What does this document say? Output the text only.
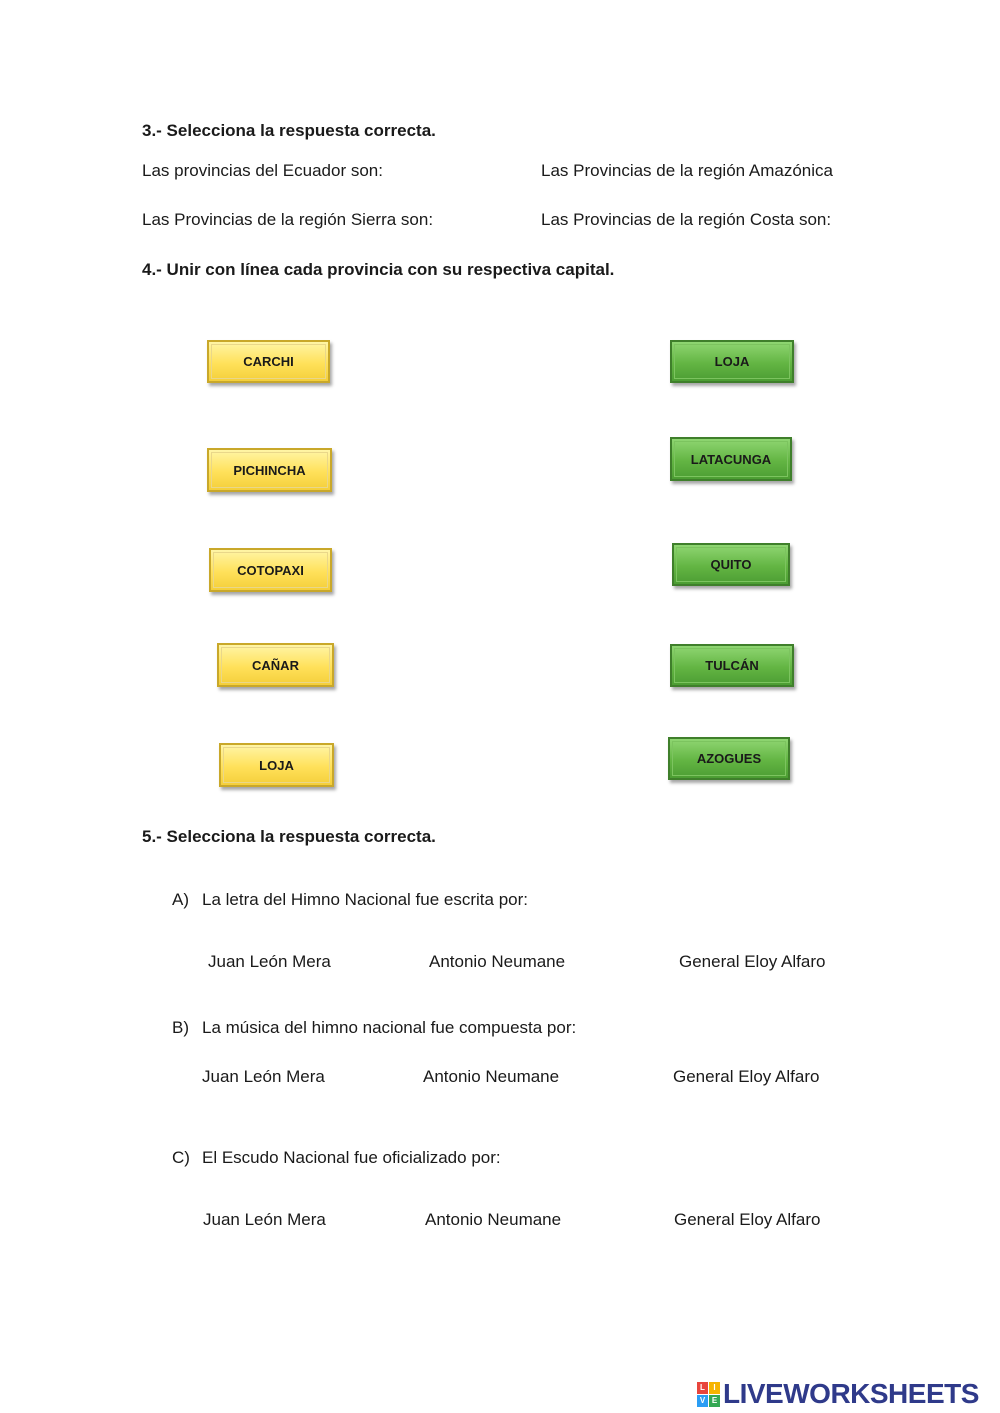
3.- Selecciona la respuesta correcta.
Las provincias del Ecuador son:	Las Provincias de la región Amazónica
Las Provincias de la región Sierra son:	Las Provincias de la región Costa son:
4.- Unir con línea cada provincia con su respectiva capital.
CARCHI
PICHINCHA
COTOPAXI
CAÑAR
LOJA
LOJA
LATACUNGA
QUITO
TULCÁN
AZOGUES
5.- Selecciona la respuesta correcta.
A) La letra del Himno Nacional fue escrita por:
Juan León Mera	Antonio Neumane	General Eloy Alfaro
B) La música del himno nacional fue compuesta por:
Juan León Mera	Antonio Neumane	General Eloy Alfaro
C) El Escudo Nacional fue oficializado por:
Juan León Mera	Antonio Neumane	General Eloy Alfaro
L	I
V E LIVEWORKSHEETS
